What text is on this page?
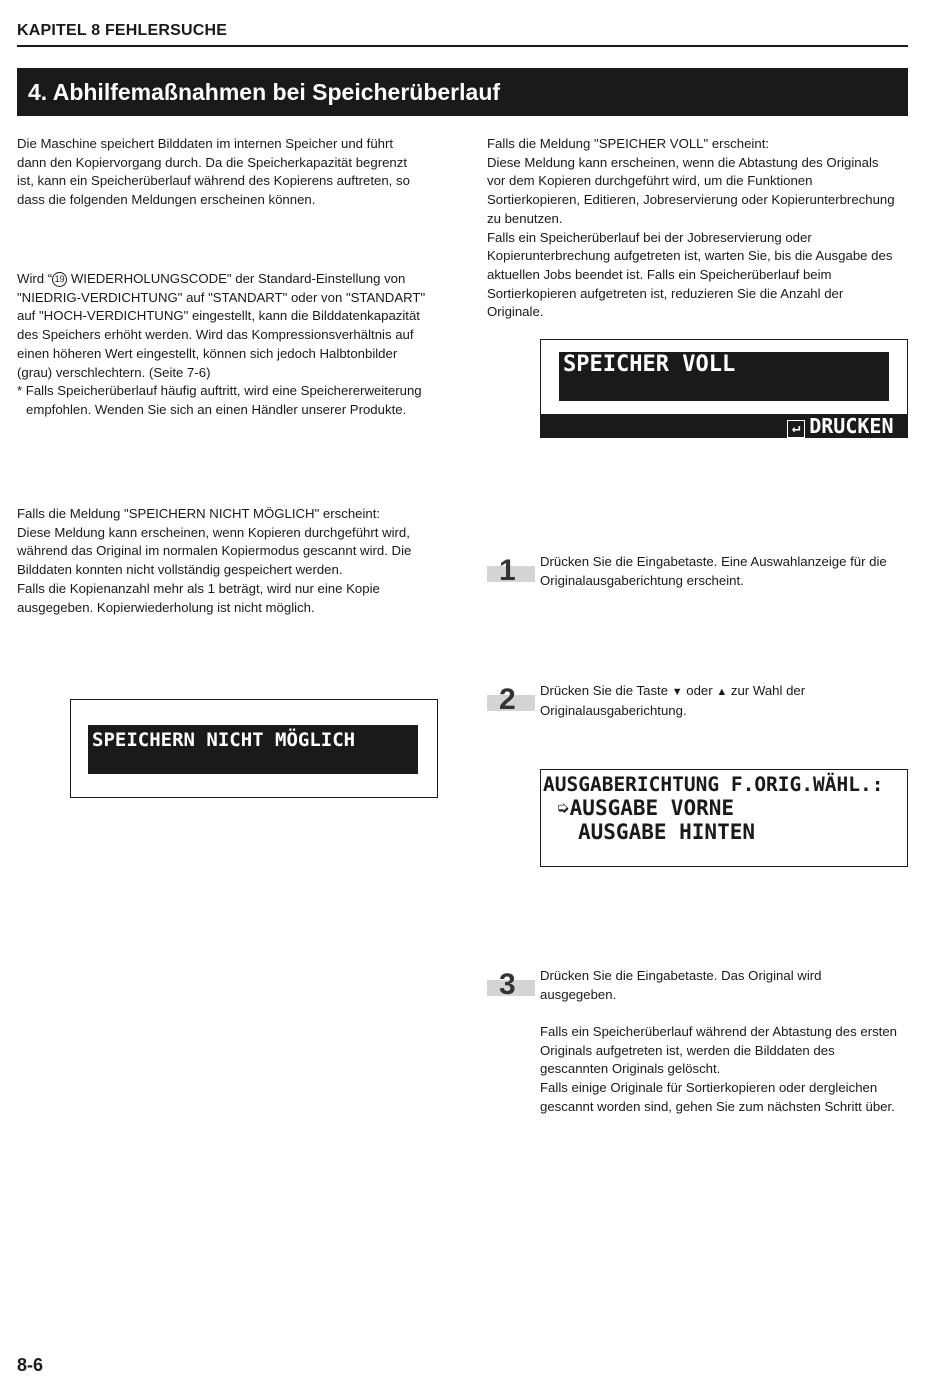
KAPITEL 8 FEHLERSUCHE
4. Abhilfemaßnahmen bei Speicherüberlauf

Die Maschine speichert Bilddaten im internen Speicher und führt

dann den Kopiervorgang durch. Da die Speicherkapazität begrenzt

ist, kann ein Speicherüberlauf während des Kopierens auftreten, so

dass die folgenden Meldungen erscheinen können.

Wird “ 19 WIEDERHOLUNGSCODE" der Standard-Einstellung von

"NIEDRIG-VERDICHTUNG" auf "STANDART" oder von "STANDART"

auf "HOCH-VERDICHTUNG" eingestellt, kann die Bilddatenkapazität

des Speichers erhöht werden. Wird das Kompressionsverhältnis auf

einen höheren Wert eingestellt, können sich jedoch Halbtonbilder

(grau) verschlechtern. (Seite 7-6)

* Falls Speicherüberlauf häufig auftritt, wird eine Speichererweiterung

empfohlen. Wenden Sie sich an einen Händler unserer Produkte.

Falls die Meldung "SPEICHERN NICHT MÖGLICH" erscheint:

Diese Meldung kann erscheinen, wenn Kopieren durchgeführt wird,

während das Original im normalen Kopiermodus gescannt wird. Die

Bilddaten konnten nicht vollständig gespeichert werden.

Falls die Kopienanzahl mehr als 1 beträgt, wird nur eine Kopie

ausgegeben. Kopierwiederholung ist nicht möglich.

SPEICHERN NICHT MÖGLICH

Falls die Meldung "SPEICHER VOLL" erscheint:

Diese Meldung kann erscheinen, wenn die Abtastung des Originals

vor dem Kopieren durchgeführt wird, um die Funktionen

Sortierkopieren, Editieren, Jobreservierung oder Kopierunterbrechung

zu benutzen.

Falls ein Speicherüberlauf bei der Jobreservierung oder

Kopierunterbrechung aufgetreten ist, warten Sie, bis die Ausgabe des

aktuellen Jobs beendet ist. Falls ein Speicherüberlauf beim

Sortierkopieren aufgetreten ist, reduzieren Sie die Anzahl der

Originale.

SPEICHER VOLL
↵ DRUCKEN
1 Drücken Sie die Eingabetaste. Eine Auswahlanzeige für die

Originalausgaberichtung erscheint.

2 Drücken Sie die Taste ▼ oder ▲ zur Wahl der

Originalausgaberichtung.

AUSGABERICHTUNG F.ORIG.WÄHL.:
➭AUSGABE VORNE
AUSGABE HINTEN
3 Drücken Sie die Eingabetaste. Das Original wird

ausgegeben.

Falls ein Speicherüberlauf während der Abtastung des ersten

Originals aufgetreten ist, werden die Bilddaten des

gescannten Originals gelöscht.

Falls einige Originale für Sortierkopieren oder dergleichen

gescannt worden sind, gehen Sie zum nächsten Schritt über.

8-6
